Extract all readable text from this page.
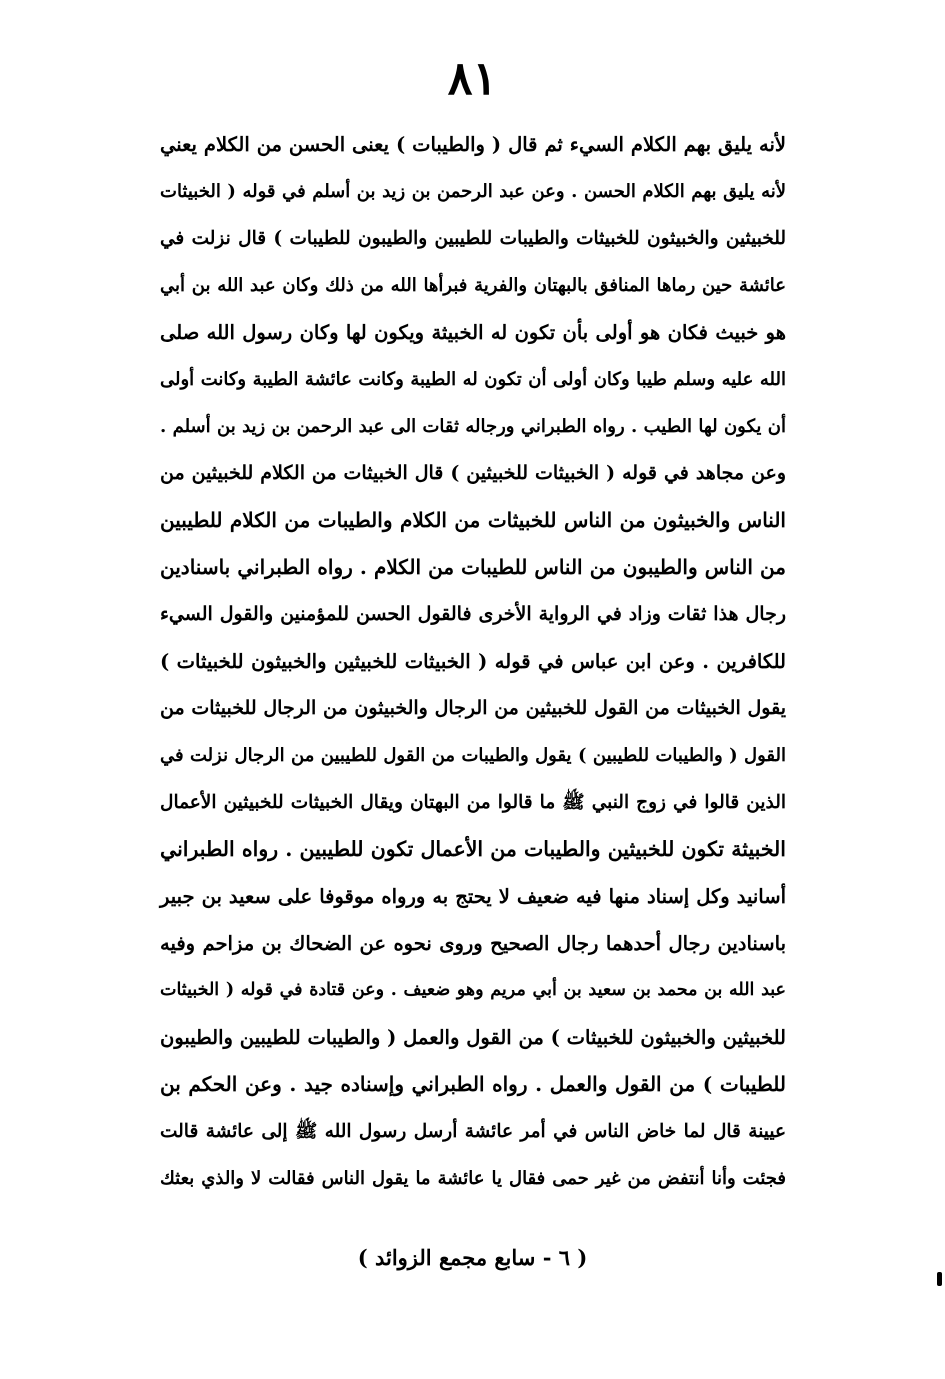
٨١
لأنه يليق بهم الكلام السيء ثم قال ( والطيبات ) يعنى الحسن من الكلام يعني
لأنه يليق بهم الكلام الحسن . وعن عبد الرحمن بن زيد بن أسلم في قوله ( الخبيثات
للخبيثين والخبيثون للخبيثات والطيبات للطيبين والطيبون للطيبات ) قال نزلت في
عائشة حين رماها المنافق بالبهتان والفرية فبرأها الله من ذلك وكان عبد الله بن أبي
هو خبيث فكان هو أولى بأن تكون له الخبيثة ويكون لها وكان رسول الله صلى
الله عليه وسلم طيبا وكان أولى أن تكون له الطيبة وكانت عائشة الطيبة وكانت أولى
أن يكون لها الطيب . رواه الطبراني ورجاله ثقات الى عبد الرحمن بن زيد بن أسلم .
وعن مجاهد في قوله ( الخبيثات للخبيثين ) قال الخبيثات من الكلام للخبيثين من
الناس والخبيثون من الناس للخبيثات من الكلام والطيبات من الكلام للطيبين
من الناس والطيبون من الناس للطيبات من الكلام . رواه الطبراني باسنادين
رجال هذا ثقات وزاد في الرواية الأخرى فالقول الحسن للمؤمنين والقول السيء
للكافرين . وعن ابن عباس في قوله ( الخبيثات للخبيثين والخبيثون للخبيثات )
يقول الخبيثات من القول للخبيثين من الرجال والخبيثون من الرجال للخبيثات من
القول ( والطيبات للطيبين ) يقول والطيبات من القول للطيبين من الرجال نزلت في
الذين قالوا في زوج النبي ﷺ ما قالوا من البهتان ويقال الخبيثات للخبيثين الأعمال
الخبيثة تكون للخبيثين والطيبات من الأعمال تكون للطيبين . رواه الطبراني
أسانيد وكل إسناد منها فيه ضعيف لا يحتج به ورواه موقوفا على سعيد بن جبير
باسنادين رجال أحدهما رجال الصحيح وروى نحوه عن الضحاك بن مزاحم وفيه
عبد الله بن محمد بن سعيد بن أبي مريم وهو ضعيف . وعن قتادة في قوله ( الخبيثات
للخبيثين والخبيثون للخبيثات ) من القول والعمل ( والطيبات للطيبين والطيبون
للطيبات ) من القول والعمل . رواه الطبراني وإسناده جيد . وعن الحكم بن
عيينة قال لما خاض الناس في أمر عائشة أرسل رسول الله ﷺ إلى عائشة قالت
فجئت وأنا أنتفض من غير حمى فقال يا عائشة ما يقول الناس فقالت لا والذي بعثك
( ٦ - سابع مجمع الزوائد )
